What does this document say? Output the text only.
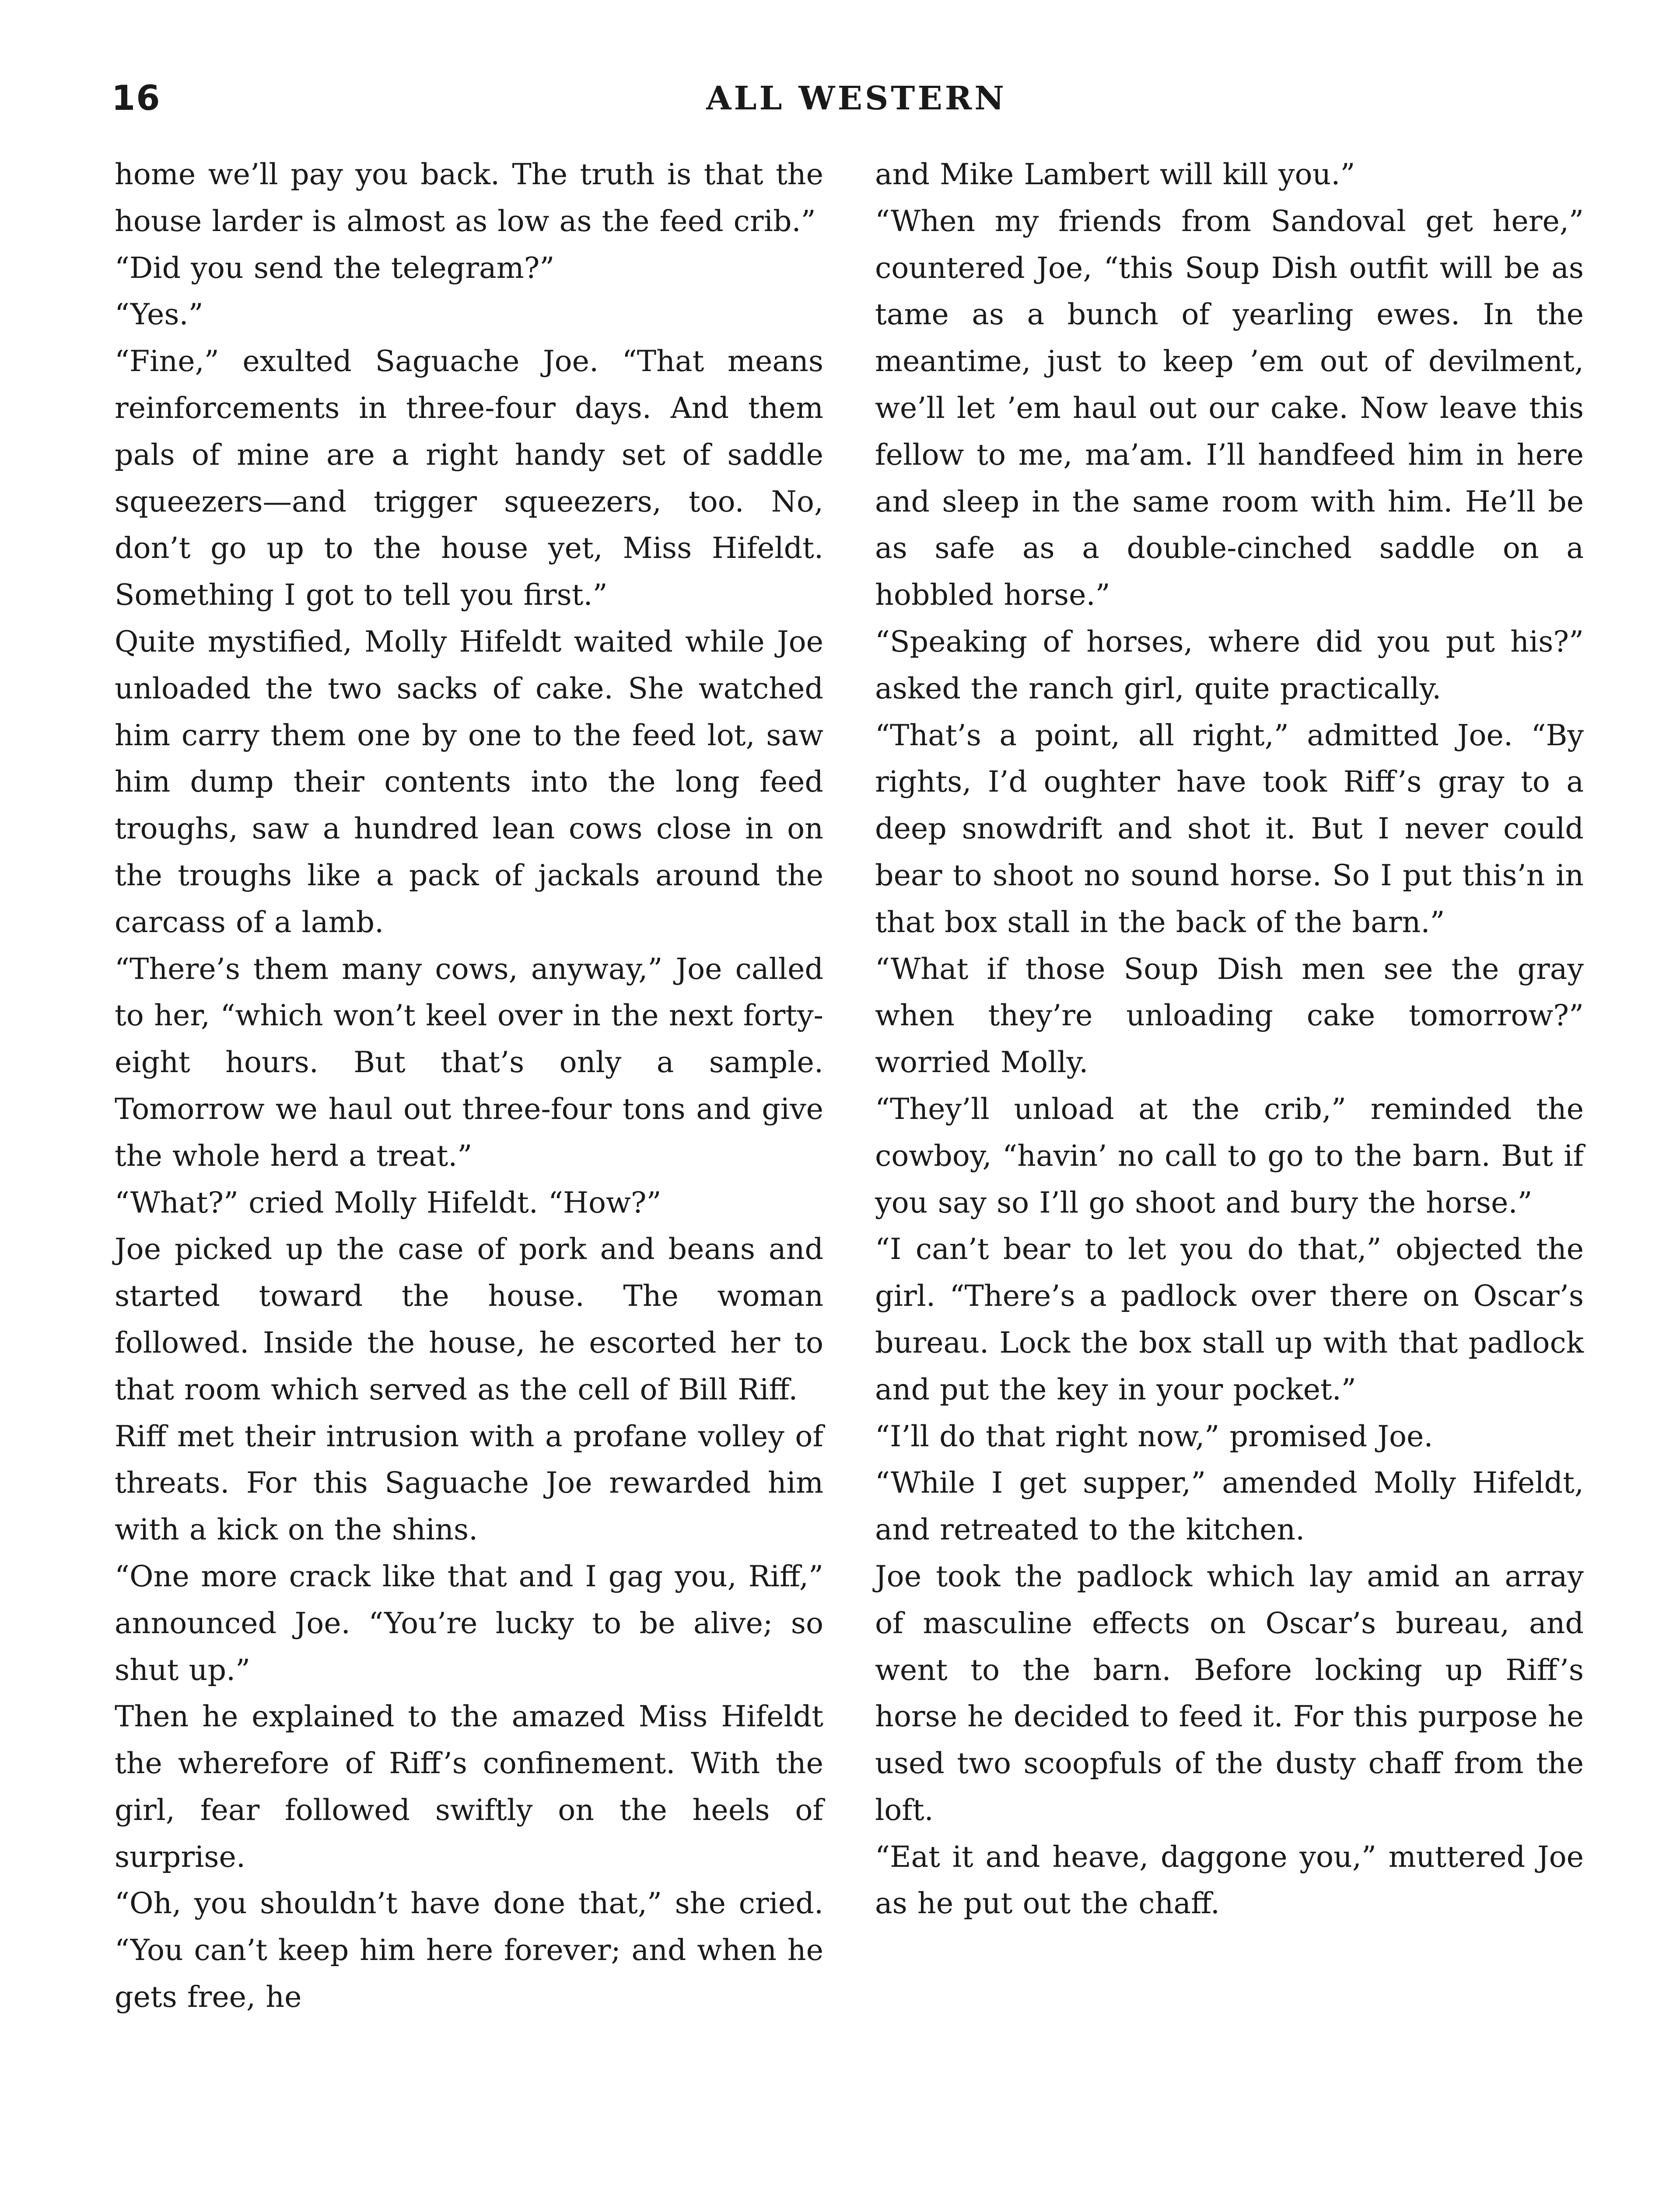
16	ALL WESTERN

home we’ll pay you back. The truth is that the house larder is almost as low as the feed crib.”

“Did you send the telegram?”

“Yes.”

“Fine,” exulted Saguache Joe. “That means reinforcements in three-four days. And them pals of mine are a right handy set of saddle squeezers—and trigger squeezers, too. No, don’t go up to the house yet, Miss Hifeldt. Something I got to tell you first.”

Quite mystified, Molly Hifeldt waited while Joe unloaded the two sacks of cake. She watched him carry them one by one to the feed lot, saw him dump their contents into the long feed troughs, saw a hundred lean cows close in on the troughs like a pack of jackals around the carcass of a lamb.

“There’s them many cows, anyway,” Joe called to her, “which won’t keel over in the next forty-eight hours. But that’s only a sample. Tomorrow we haul out three-four tons and give the whole herd a treat.”

“What?” cried Molly Hifeldt. “How?”

Joe picked up the case of pork and beans and started toward the house. The woman followed. Inside the house, he escorted her to that room which served as the cell of Bill Riff.

Riff met their intrusion with a profane volley of threats. For this Saguache Joe rewarded him with a kick on the shins.

“One more crack like that and I gag you, Riff,” announced Joe. “You’re lucky to be alive; so shut up.”

Then he explained to the amazed Miss Hifeldt the wherefore of Riff’s confinement. With the girl, fear followed swiftly on the heels of surprise.

“Oh, you shouldn’t have done that,” she cried. “You can’t keep him here forever; and when he gets free, he

and Mike Lambert will kill you.”

“When my friends from Sandoval get here,” countered Joe, “this Soup Dish outfit will be as tame as a bunch of yearling ewes. In the meantime, just to keep ’em out of devilment, we’ll let ’em haul out our cake. Now leave this fellow to me, ma’am. I’ll handfeed him in here and sleep in the same room with him. He’ll be as safe as a double-cinched saddle on a hobbled horse.”

“Speaking of horses, where did you put his?” asked the ranch girl, quite practically.

“That’s a point, all right,” admitted Joe. “By rights, I’d oughter have took Riff’s gray to a deep snowdrift and shot it. But I never could bear to shoot no sound horse. So I put this’n in that box stall in the back of the barn.”

“What if those Soup Dish men see the gray when they’re unloading cake tomorrow?” worried Molly.

“They’ll unload at the crib,” reminded the cowboy, “havin’ no call to go to the barn. But if you say so I’ll go shoot and bury the horse.”

“I can’t bear to let you do that,” objected the girl. “There’s a padlock over there on Oscar’s bureau. Lock the box stall up with that padlock and put the key in your pocket.”

“I’ll do that right now,” promised Joe.

“While I get supper,” amended Molly Hifeldt, and retreated to the kitchen.

Joe took the padlock which lay amid an array of masculine effects on Oscar’s bureau, and went to the barn. Before locking up Riff’s horse he decided to feed it. For this purpose he used two scoopfuls of the dusty chaff from the loft.

“Eat it and heave, daggone you,” muttered Joe as he put out the chaff.
